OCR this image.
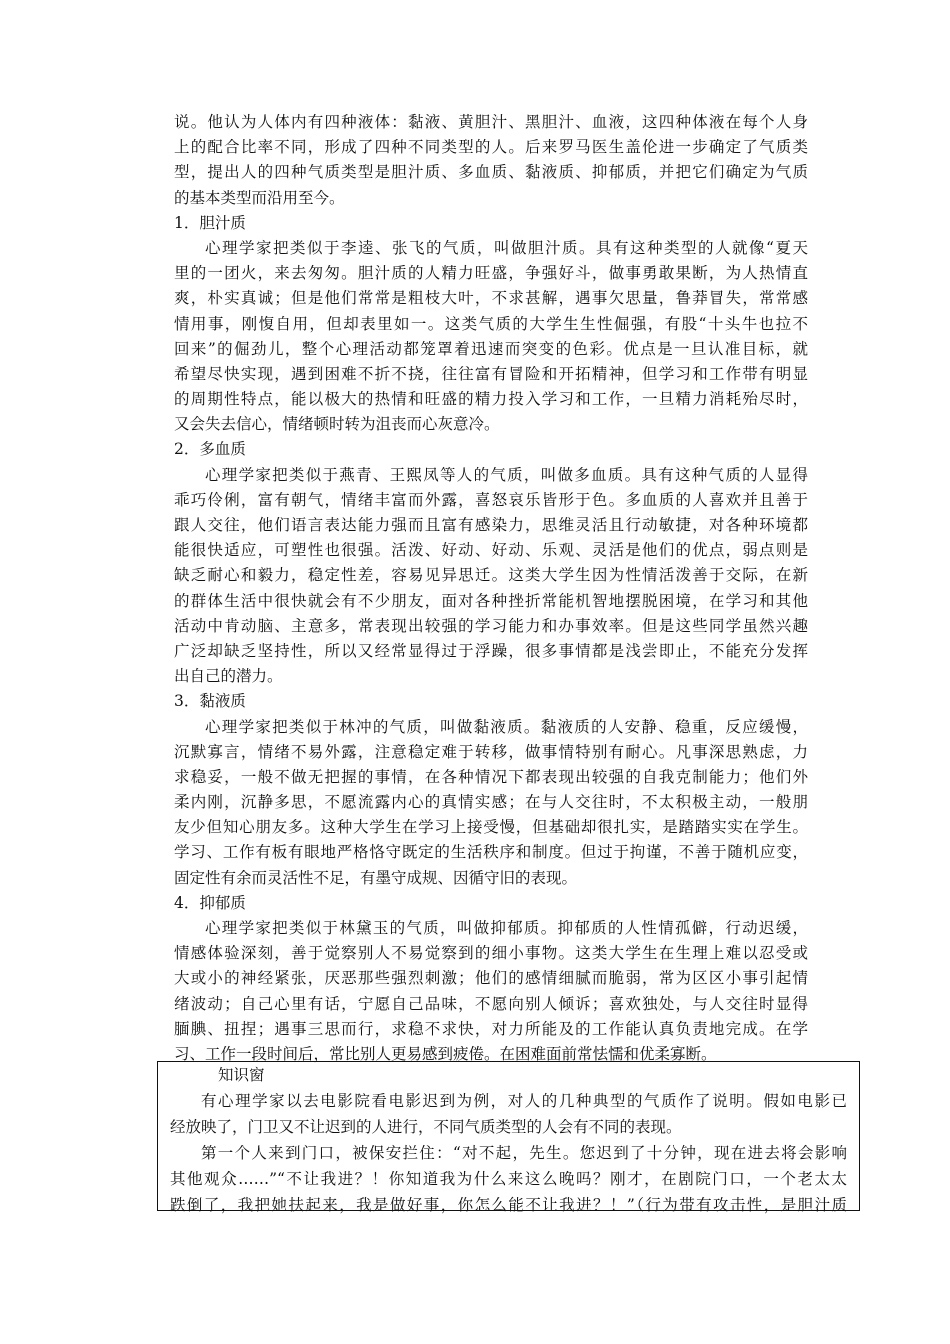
说。他认为人体内有四种液体：黏液、黄胆汁、黑胆汁、血液，这四种体液在每个人身
上的配合比率不同，形成了四种不同类型的人。后来罗马医生盖伦进一步确定了气质类
型，提出人的四种气质类型是胆汁质、多血质、黏液质、抑郁质，并把它们确定为气质
的基本类型而沿用至今。
1．胆汁质
心理学家把类似于李逵、张飞的气质，叫做胆汁质。具有这种类型的人就像“夏天
里的一团火，来去匆匆。胆汁质的人精力旺盛，争强好斗，做事勇敢果断，为人热情直
爽，朴实真诚；但是他们常常是粗枝大叶，不求甚解，遇事欠思量，鲁莽冒失，常常感
情用事，刚愎自用，但却表里如一。这类气质的大学生生性倔强，有股“十头牛也拉不
回来”的倔劲儿，整个心理活动都笼罩着迅速而突变的色彩。优点是一旦认准目标，就
希望尽快实现，遇到困难不折不挠，往往富有冒险和开拓精神，但学习和工作带有明显
的周期性特点，能以极大的热情和旺盛的精力投入学习和工作，一旦精力消耗殆尽时，
又会失去信心，情绪顿时转为沮丧而心灰意冷。
2．多血质
心理学家把类似于燕青、王熙凤等人的气质，叫做多血质。具有这种气质的人显得
乖巧伶俐，富有朝气，情绪丰富而外露，喜怒哀乐皆形于色。多血质的人喜欢并且善于
跟人交往，他们语言表达能力强而且富有感染力，思维灵活且行动敏捷，对各种环境都
能很快适应，可塑性也很强。活泼、好动、好动、乐观、灵活是他们的优点，弱点则是
缺乏耐心和毅力，稳定性差，容易见异思迁。这类大学生因为性情活泼善于交际，在新
的群体生活中很快就会有不少朋友，面对各种挫折常能机智地摆脱困境，在学习和其他
活动中肯动脑、主意多，常表现出较强的学习能力和办事效率。但是这些同学虽然兴趣
广泛却缺乏坚持性，所以又经常显得过于浮躁，很多事情都是浅尝即止，不能充分发挥
出自己的潜力。
3．黏液质
心理学家把类似于林冲的气质，叫做黏液质。黏液质的人安静、稳重，反应缓慢，
沉默寡言，情绪不易外露，注意稳定难于转移，做事情特别有耐心。凡事深思熟虑，力
求稳妥，一般不做无把握的事情，在各种情况下都表现出较强的自我克制能力；他们外
柔内刚，沉静多思，不愿流露内心的真情实感；在与人交往时，不太积极主动，一般朋
友少但知心朋友多。这种大学生在学习上接受慢，但基础却很扎实，是踏踏实实在学生。
学习、工作有板有眼地严格恪守既定的生活秩序和制度。但过于拘谨，不善于随机应变，
固定性有余而灵活性不足，有墨守成规、因循守旧的表现。
4．抑郁质
心理学家把类似于林黛玉的气质，叫做抑郁质。抑郁质的人性情孤僻，行动迟缓，
情感体验深刻，善于觉察别人不易觉察到的细小事物。这类大学生在生理上难以忍受或
大或小的神经紧张，厌恶那些强烈刺激；他们的感情细腻而脆弱，常为区区小事引起情
绪波动；自己心里有话，宁愿自己品味，不愿向别人倾诉；喜欢独处，与人交往时显得
腼腆、扭捏；遇事三思而行，求稳不求快，对力所能及的工作能认真负责地完成。在学
习、工作一段时间后，常比别人更易感到疲倦。在困难面前常怯懦和优柔寡断。
知识窗
有心理学家以去电影院看电影迟到为例，对人的几种典型的气质作了说明。假如电影已
经放映了，门卫又不让迟到的人进行，不同气质类型的人会有不同的表现。
第一个人来到门口，被保安拦住：“对不起，先生。您迟到了十分钟，现在进去将会影响
其他观众……”“不让我进？！你知道我为什么来这么晚吗？刚才，在剧院门口，一个老太太
跌倒了，我把她扶起来，我是做好事，你怎么能不让我进？！”（行为带有攻击性，是胆汁质
